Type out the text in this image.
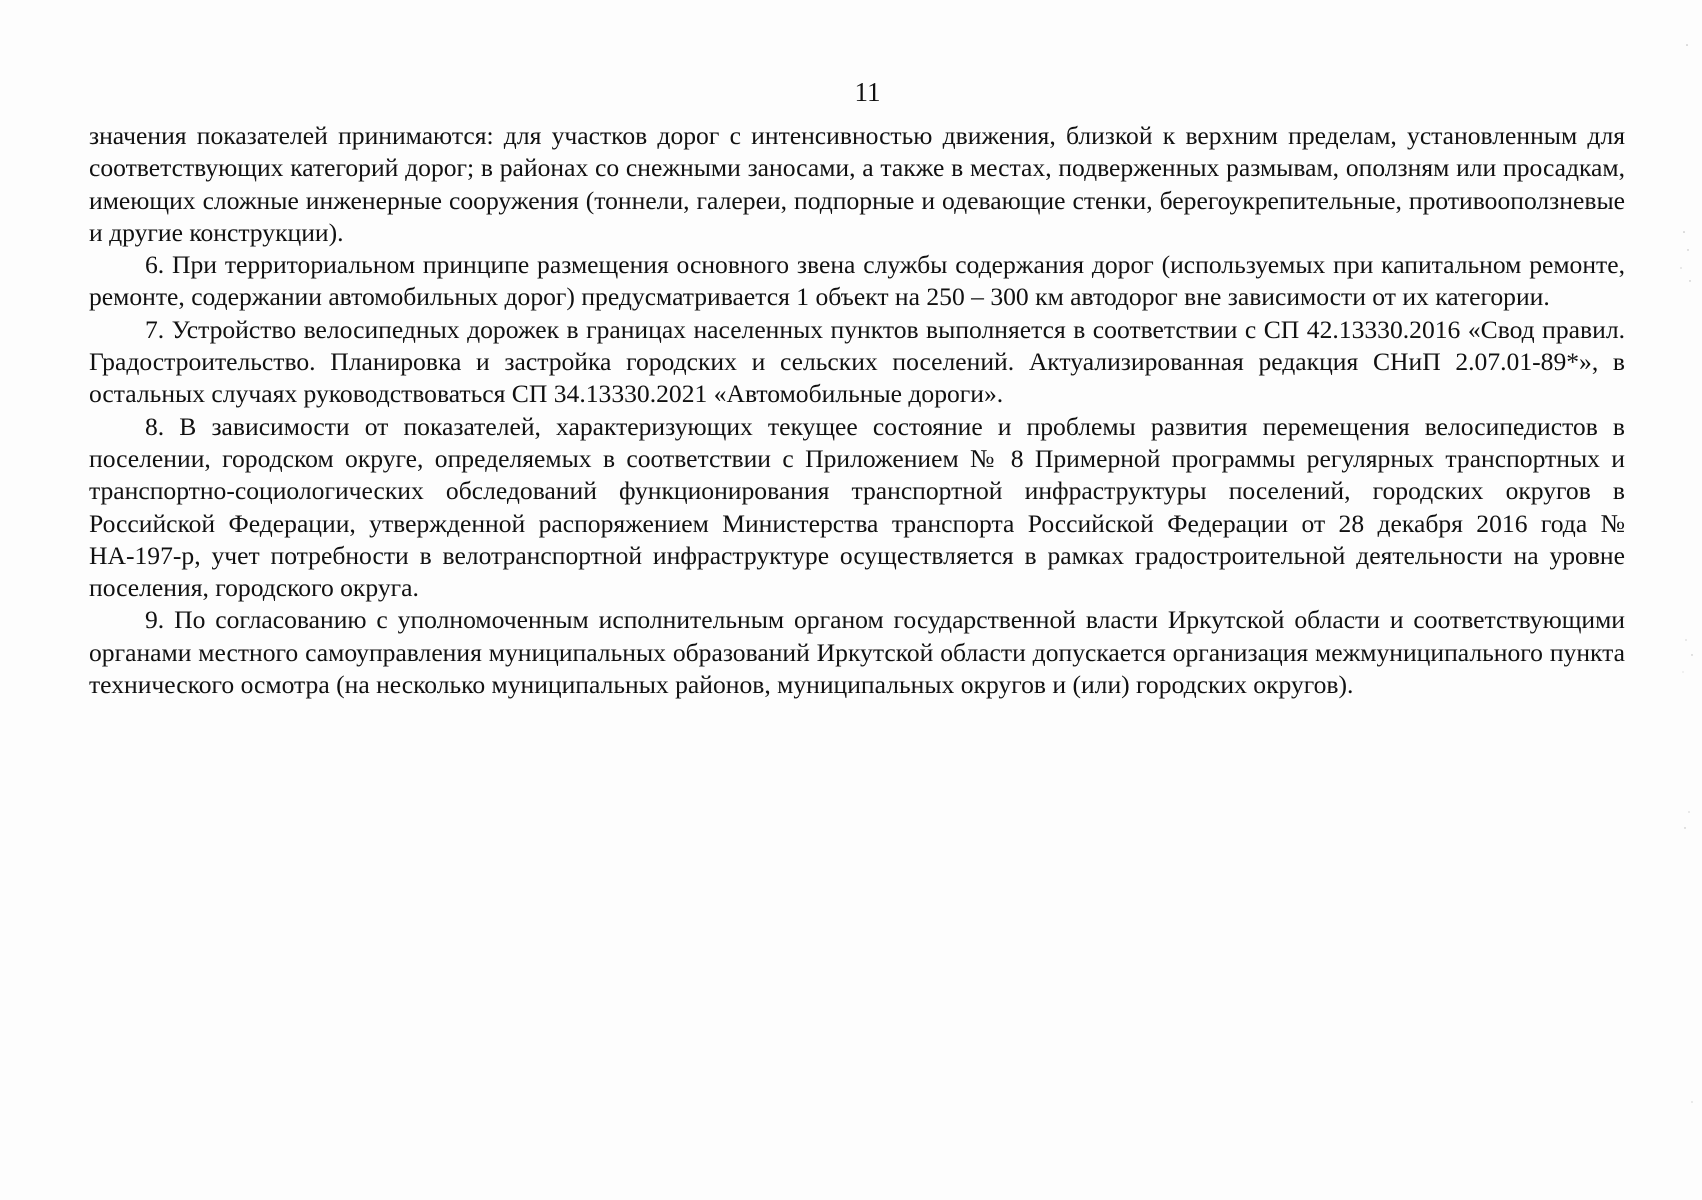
11

значения показателей принимаются: для участков дорог с интенсивностью движения, близкой к верхним пределам, установленным для соответствующих категорий дорог; в районах со снежными заносами, а также в местах, подверженных размывам, оползням или просадкам, имеющих сложные инженерные сооружения (тоннели, галереи, подпорные и одевающие стенки, берегоукрепительные, противооползневые и другие конструкции).

6. При территориальном принципе размещения основного звена службы содержания дорог (используемых при капитальном ремонте, ремонте, содержании автомобильных дорог) предусматривается 1 объект на 250 – 300 км автодорог вне зависимости от их категории.

7. Устройство велосипедных дорожек в границах населенных пунктов выполняется в соответствии с СП 42.13330.2016 «Свод правил. Градостроительство. Планировка и застройка городских и сельских поселений. Актуализированная редакция СНиП 2.07.01-89*», в остальных случаях руководствоваться СП 34.13330.2021 «Автомобильные дороги».

8. В зависимости от показателей, характеризующих текущее состояние и проблемы развития перемещения велосипедистов в поселении, городском округе, определяемых в соответствии с Приложением № 8 Примерной программы регулярных транспортных и транспортно-социологических обследований функционирования транспортной инфраструктуры поселений, городских округов в Российской Федерации, утвержденной распоряжением Министерства транспорта Российской Федерации от 28 декабря 2016 года № НА-197-р, учет потребности в велотранспортной инфраструктуре осуществляется в рамках градостроительной деятельности на уровне поселения, городского округа.

9. По согласованию с уполномоченным исполнительным органом государственной власти Иркутской области и соответствующими органами местного самоуправления муниципальных образований Иркутской области допускается организация межмуниципального пункта технического осмотра (на несколько муниципальных районов, муниципальных округов и (или) городских округов).
